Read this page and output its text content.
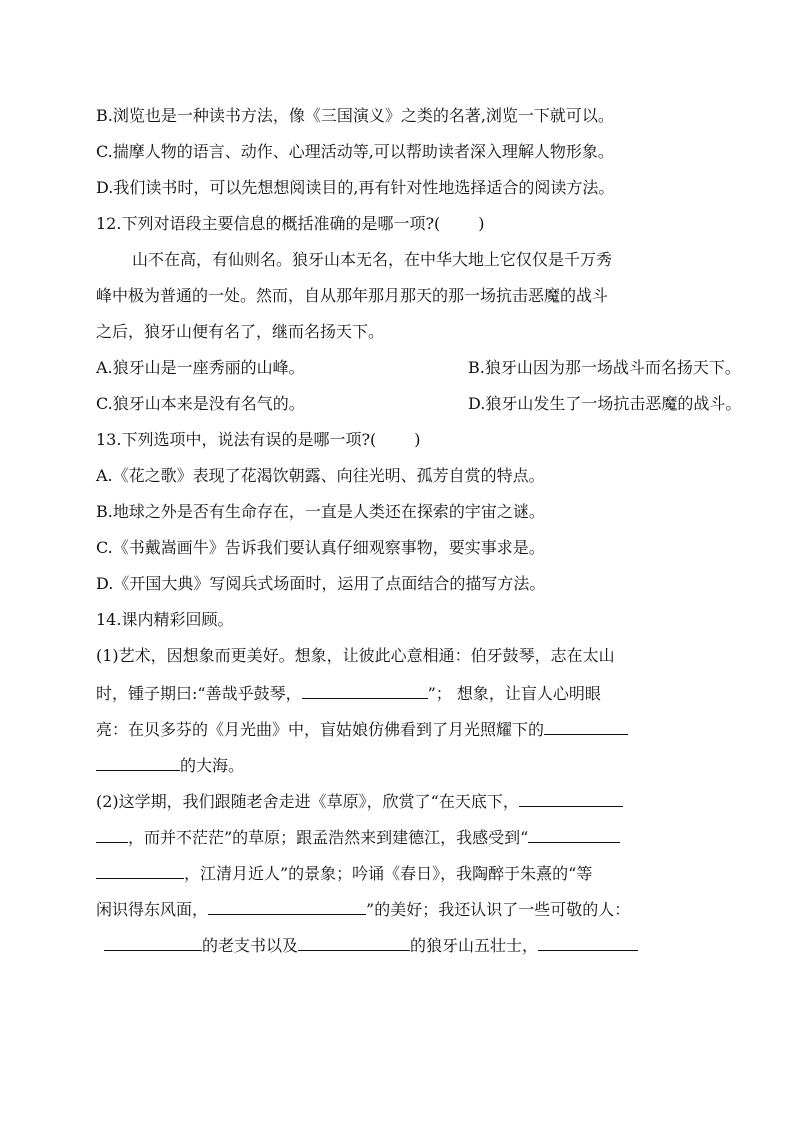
B.浏览也是一种读书方法，像《三国演义》之类的名著,浏览一下就可以。
C.揣摩人物的语言、动作、心理活动等,可以帮助读者深入理解人物形象。
D.我们读书时，可以先想想阅读目的,再有针对性地选择适合的阅读方法。
12.下列对语段主要信息的概括准确的是哪一项?( )
山不在高，有仙则名。狼牙山本无名，在中华大地上它仅仅是千万秀
峰中极为普通的一处。然而，自从那年那月那天的那一场抗击恶魔的战斗
之后，狼牙山便有名了，继而名扬天下。
A.狼牙山是一座秀丽的山峰。	B.狼牙山因为那一场战斗而名扬天下。
C.狼牙山本来是没有名气的。	D.狼牙山发生了一场抗击恶魔的战斗。
13.下列选项中，说法有误的是哪一项?( )
A.《花之歌》表现了花渴饮朝露、向往光明、孤芳自赏的特点。
B.地球之外是否有生命存在，一直是人类还在探索的宇宙之谜。
C.《书戴嵩画牛》告诉我们要认真仔细观察事物，要实事求是。
D.《开国大典》写阅兵式场面时，运用了点面结合的描写方法。
14.课内精彩回顾。
(1)艺术，因想象而更美好。想象，让彼此心意相通：伯牙鼓琴，志在太山
时，锺子期曰:“善哉乎鼓琴，	”； 想象，让盲人心明眼
亮：在贝多芬的《月光曲》中，盲姑娘仿佛看到了月光照耀下的
的大海。
(2)这学期，我们跟随老舍走进《草原》，欣赏了“在天底下，
，而并不茫茫”的草原；跟孟浩然来到建德江，我感受到“
，江清月近人”的景象；吟诵《春日》，我陶醉于朱熹的“等
闲识得东风面，	”的美好；我还认识了一些可敬的人：
的老支书以及	的狼牙山五壮士，
